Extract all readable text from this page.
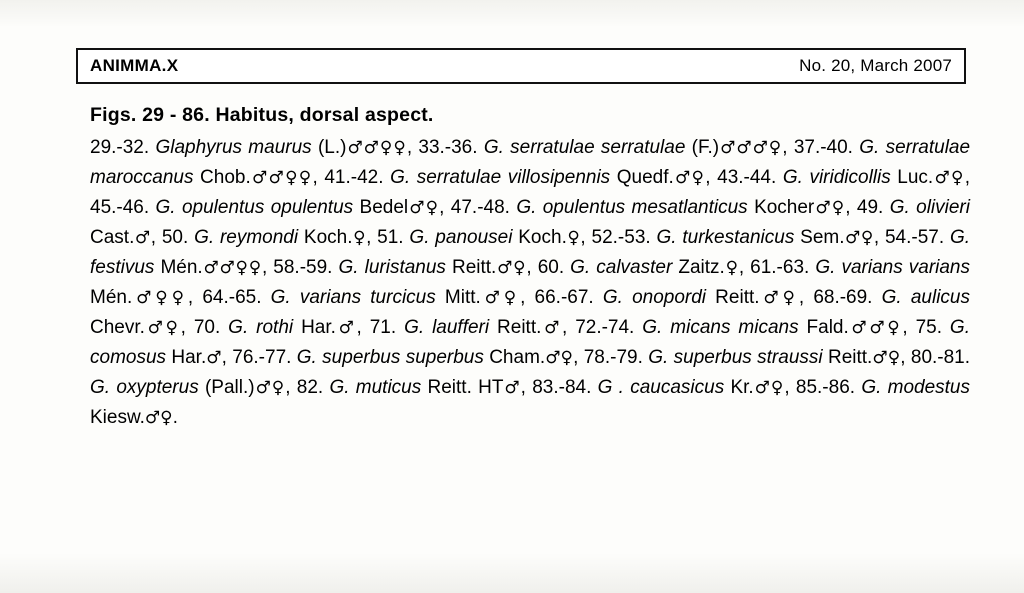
ANIMMA.X	No. 20, March 2007
Figs. 29 - 86. Habitus, dorsal aspect.
29.-32. Glaphyrus maurus (L.)♂♂♀♀, 33.-36. G. serratulae serratulae (F.)♂♂♂♀, 37.-40. G. serratulae maroccanus Chob.♂♂♀♀, 41.-42. G. serratulae villosipennis Quedf.♂♀, 43.-44. G. viridicollis Luc.♂♀, 45.-46. G. opulentus opulentus Bedel♂♀, 47.-48. G. opulentus mesatlanticus Kocher♂♀, 49. G. olivieri Cast.♂, 50. G. reymondi Koch.♀, 51. G. panousei Koch.♀, 52.-53. G. turkestanicus Sem.♂♀, 54.-57. G. festivus Mén.♂♂♀♀, 58.-59. G. luristanus Reitt.♂♀, 60. G. calvaster Zaitz.♀, 61.-63. G. varians varians Mén.♂♀♀, 64.-65. G. varians turcicus Mitt.♂♀, 66.-67. G. onopordi Reitt.♂♀, 68.-69. G. aulicus Chevr.♂♀, 70. G. rothi Har.♂, 71. G. laufferi Reitt.♂, 72.-74. G. micans micans Fald.♂♂♀, 75. G. comosus Har.♂, 76.-77. G. superbus superbus Cham.♂♀, 78.-79. G. superbus straussi Reitt.♂♀, 80.-81. G. oxypterus (Pall.)♂♀, 82. G. muticus Reitt. HT♂, 83.-84. G . caucasicus Kr.♂♀, 85.-86. G. modestus Kiesw.♂♀.
